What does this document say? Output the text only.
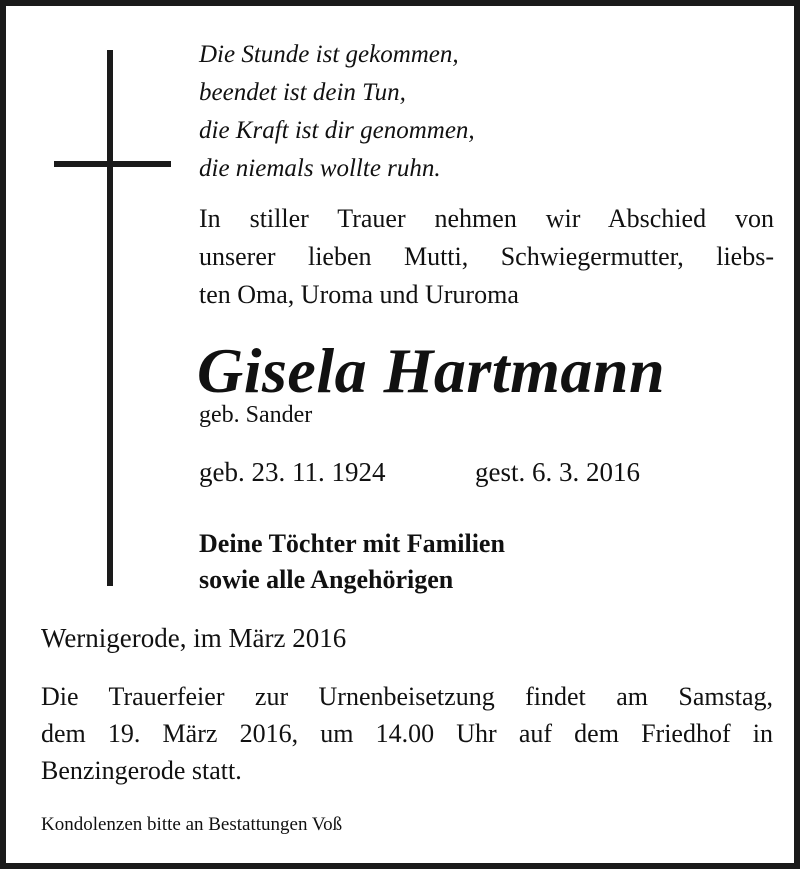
Die Stunde ist gekommen,
beendet ist dein Tun,
die Kraft ist dir genommen,
die niemals wollte ruhn.
In stiller Trauer nehmen wir Abschied von
unserer lieben Mutti, Schwiegermutter, liebs-
ten Oma, Uroma und Ururoma
Gisela Hartmann
geb. Sander
geb. 23. 11. 1924	gest. 6. 3. 2016
Deine Töchter mit Familien
sowie alle Angehörigen
Wernigerode, im März 2016
Die Trauerfeier zur Urnenbeisetzung findet am Samstag,
dem 19. März 2016, um 14.00 Uhr auf dem Friedhof in
Benzingerode statt.
Kondolenzen bitte an Bestattungen Voß
